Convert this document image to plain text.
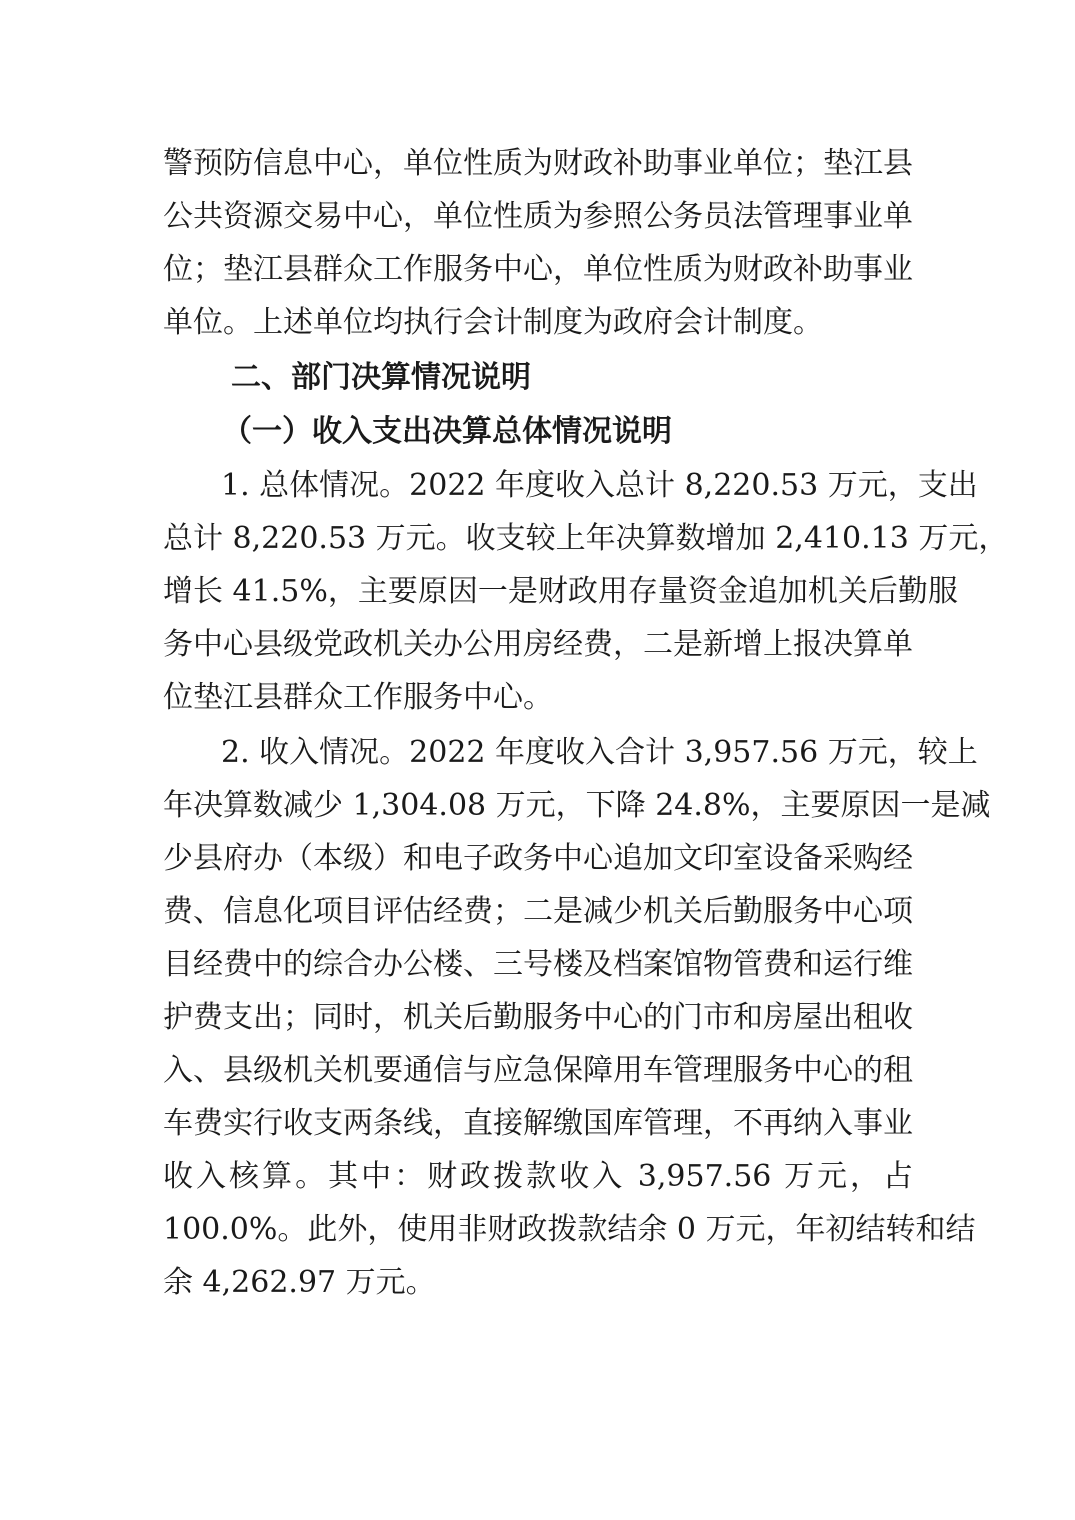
警预防信息中心，单位性质为财政补助事业单位；垫江县
公共资源交易中心，单位性质为参照公务员法管理事业单
位；垫江县群众工作服务中心，单位性质为财政补助事业
单位。上述单位均执行会计制度为政府会计制度。
二、部门决算情况说明
（一）收入支出决算总体情况说明
1. 总体情况。2022 年度收入总计 8,220.53 万元，支出
总计 8,220.53 万元。收支较上年决算数增加 2,410.13 万元，
增长 41.5%，主要原因一是财政用存量资金追加机关后勤服
务中心县级党政机关办公用房经费，二是新增上报决算单
位垫江县群众工作服务中心。
2. 收入情况。2022 年度收入合计 3,957.56 万元，较上
年决算数减少 1,304.08 万元，下降 24.8%，主要原因一是减
少县府办（本级）和电子政务中心追加文印室设备采购经
费、信息化项目评估经费；二是减少机关后勤服务中心项
目经费中的综合办公楼、三号楼及档案馆物管费和运行维
护费支出；同时，机关后勤服务中心的门市和房屋出租收
入、县级机关机要通信与应急保障用车管理服务中心的租
车费实行收支两条线，直接解缴国库管理，不再纳入事业
收入核算。其中：财政拨款收入 3,957.56 万元，占
100.0%。此外，使用非财政拨款结余 0 万元，年初结转和结
余 4,262.97 万元。
